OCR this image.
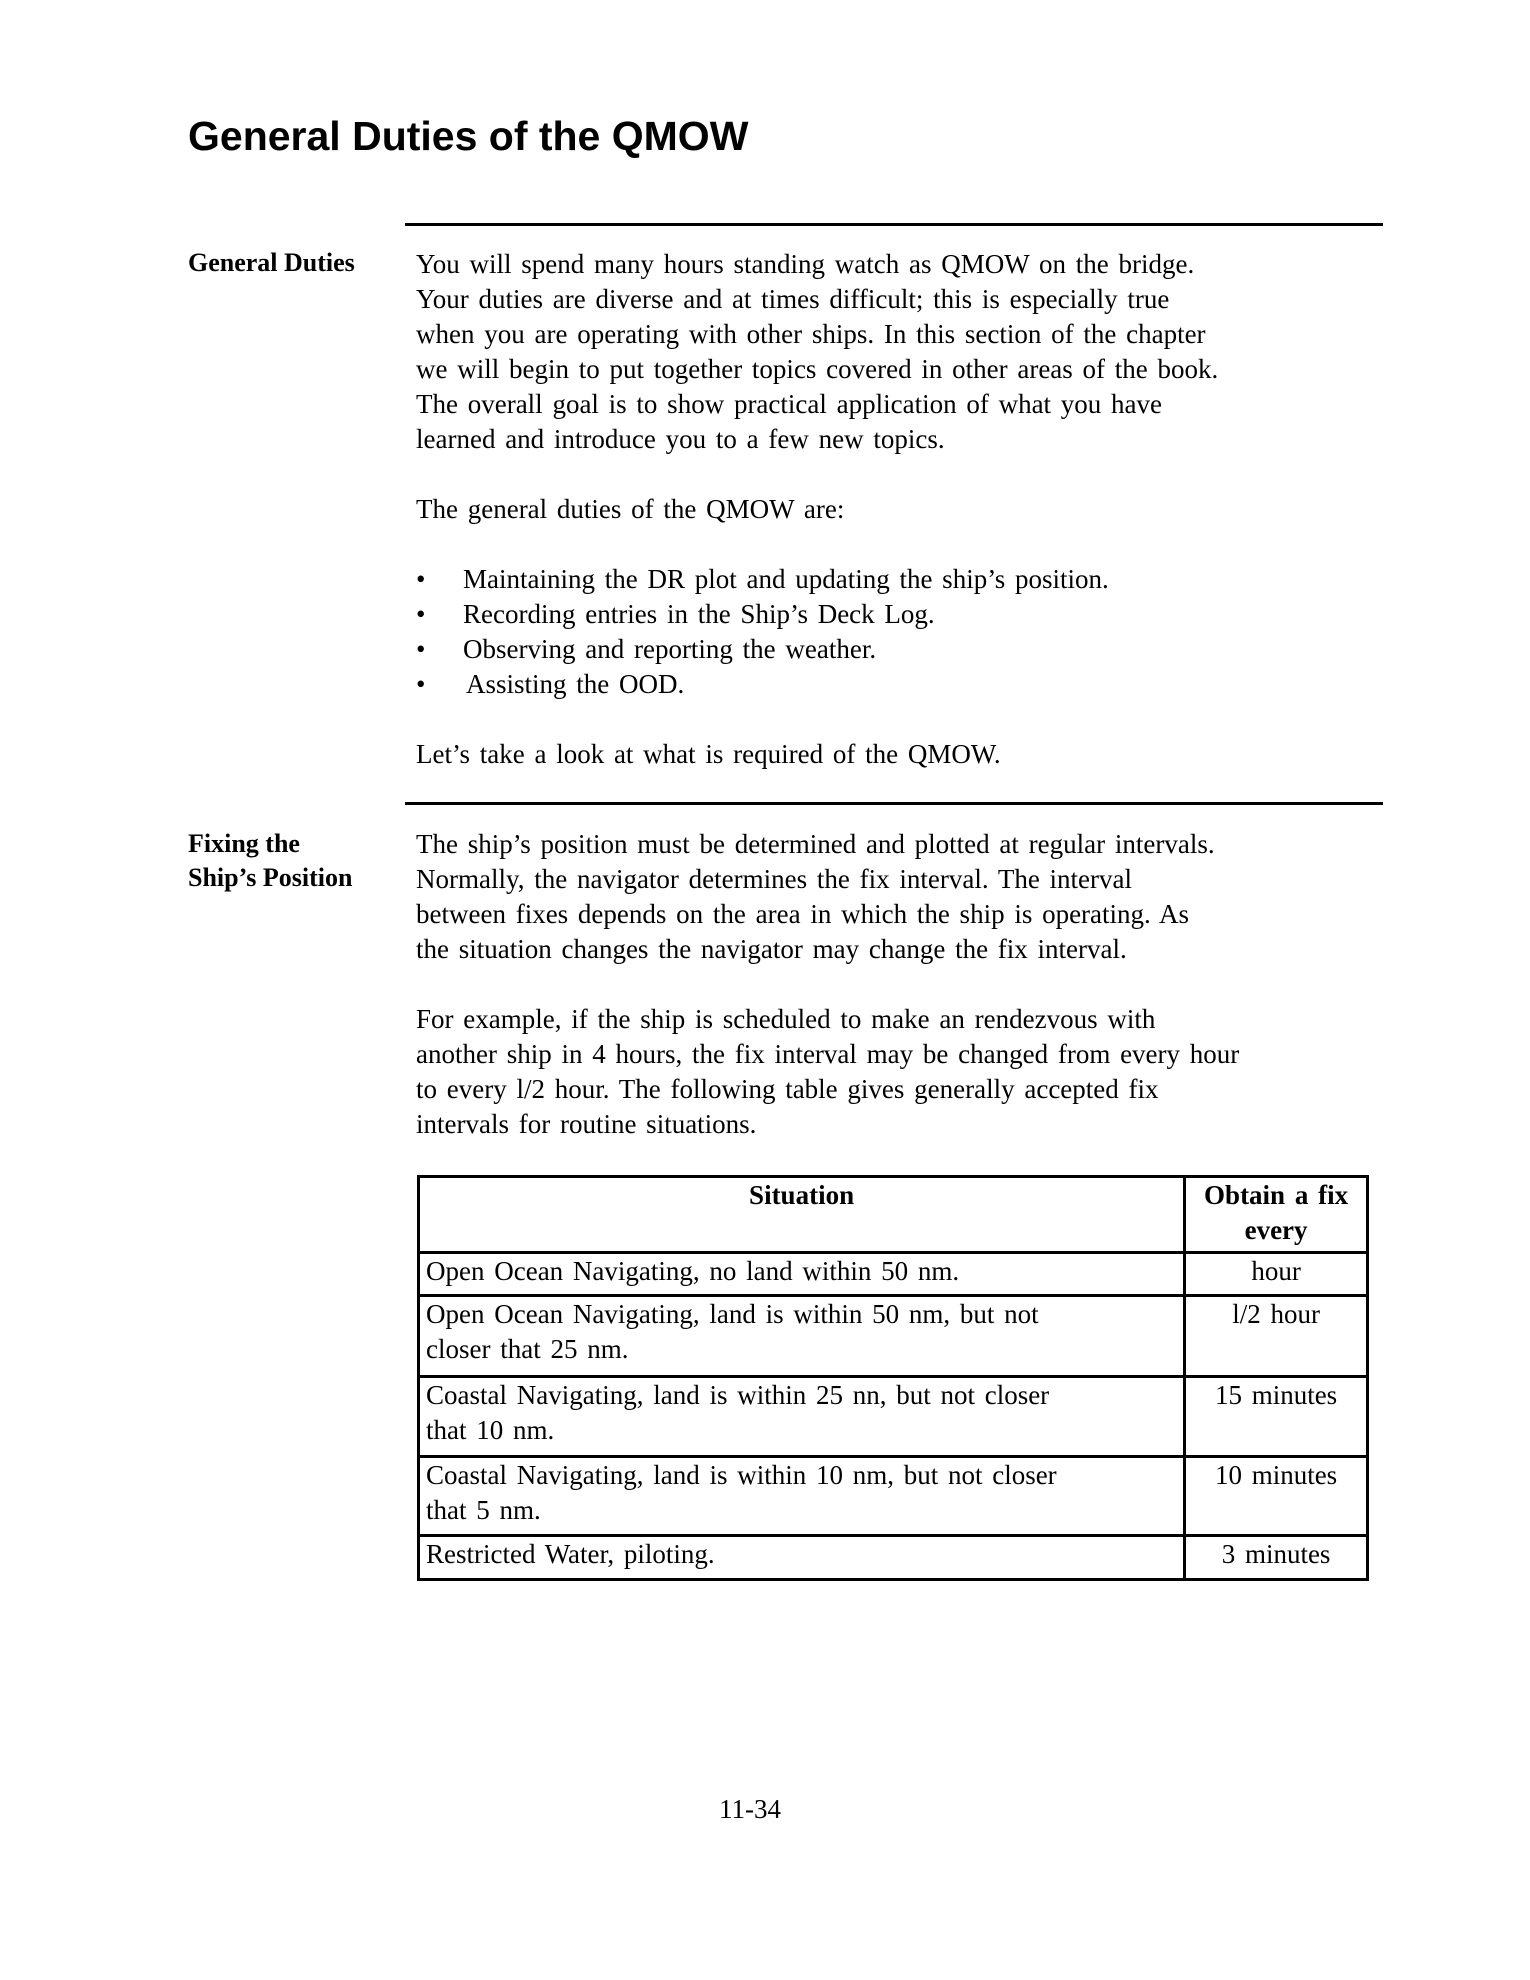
General Duties of the QMOW
General Duties You will spend many hours standing watch as QMOW on the bridge.
Your duties are diverse and at times difficult; this is especially true
when you are operating with other ships. In this section of the chapter
we will begin to put together topics covered in other areas of the book.
The overall goal is to show practical application of what you have
learned and introduce you to a few new topics.

The general duties of the QMOW are:

• Maintaining the DR plot and updating the ship’s position.
• Recording entries in the Ship’s Deck Log.
• Observing and reporting the weather.
• Assisting the OOD.

Let’s take a look at what is required of the QMOW.

Fixing the
Ship’s Position

The ship’s position must be determined and plotted at regular intervals.
Normally, the navigator determines the fix interval. The interval
between fixes depends on the area in which the ship is operating. As
the situation changes the navigator may change the fix interval.

For example, if the ship is scheduled to make an rendezvous with
another ship in 4 hours, the fix interval may be changed from every hour
to every l/2 hour. The following table gives generally accepted fix
intervals for routine situations.

Situation	Obtain a fix
every

Open Ocean Navigating, no land within 50 nm.	hour

Open Ocean Navigating, land is within 50 nm, but not
closer that 25 nm.	l/2 hour

Coastal Navigating, land is within 25 nn, but not closer
that 10 nm.	15 minutes

Coastal Navigating, land is within 10 nm, but not closer
that 5 nm.	10 minutes

Restricted Water, piloting.	3 minutes
11-34
